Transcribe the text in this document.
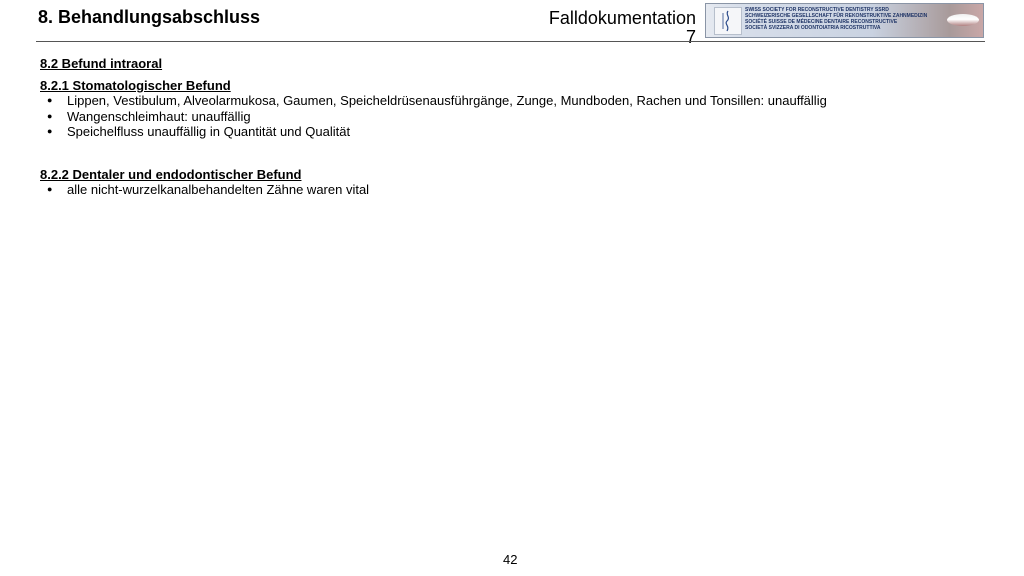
8. Behandlungsabschluss	Falldokumentation
7
SWISS SOCIETY FOR RECONSTRUCTIVE DENTISTRY SSRD
SCHWEIZERISCHE GESELLSCHAFT FÜR REKONSTRUKTIVE ZAHNMEDIZIN
SOCIÉTÉ SUISSE DE MÉDECINE DENTAIRE RECONSTRUCTIVE
SOCIETÀ SVIZZERA DI ODONTOIATRIA RICOSTRUTTIVA
8.2 Befund intraoral
8.2.1 Stomatologischer Befund
● Lippen, Vestibulum, Alveolarmukosa, Gaumen, Speicheldrüsenausführgänge, Zunge, Mundboden, Rachen und Tonsillen: unauffällig
● Wangenschleimhaut: unauffällig
● Speichelfluss unauffällig in Quantität und Qualität
8.2.2 Dentaler und endodontischer Befund
● alle nicht-wurzelkanalbehandelten Zähne waren vital
42
